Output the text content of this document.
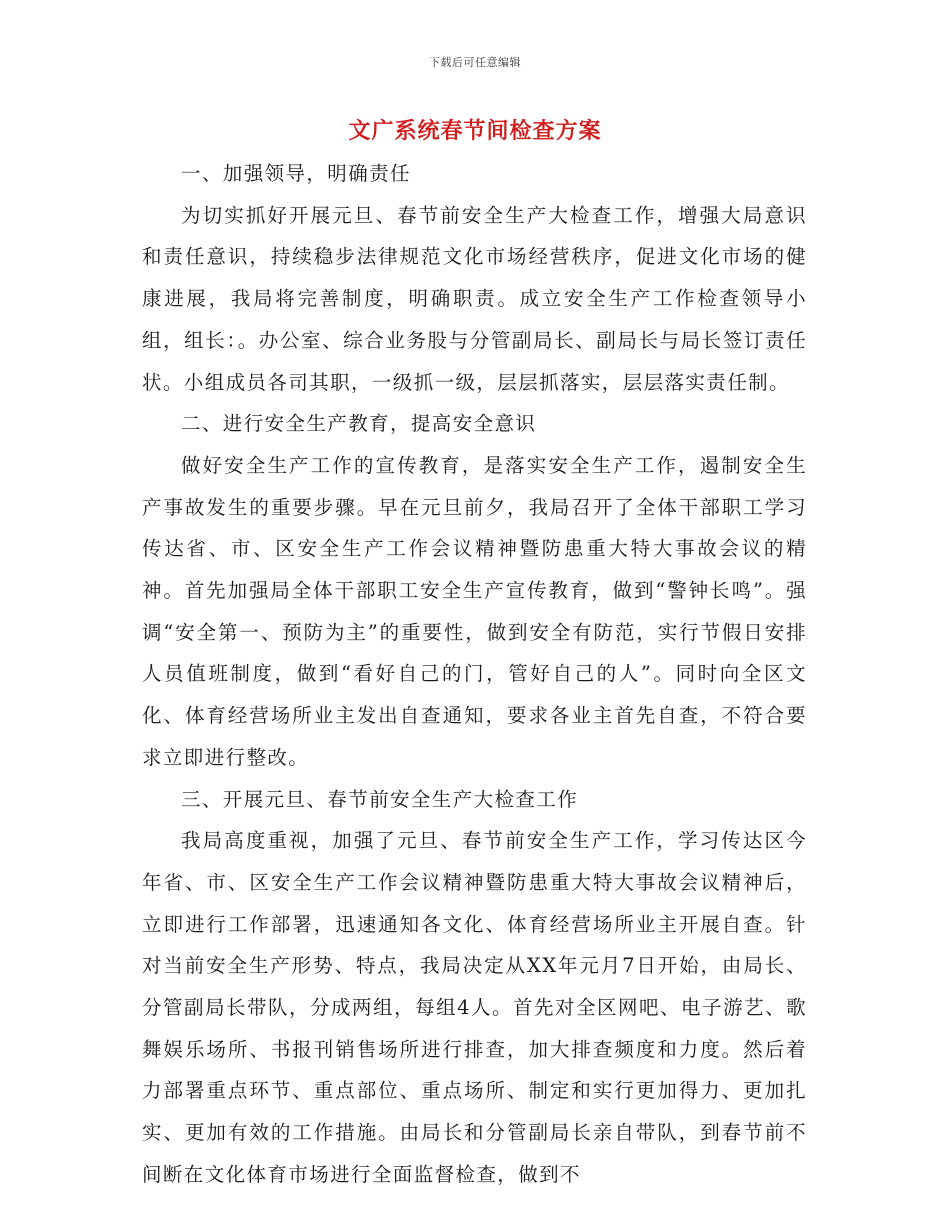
下载后可任意编辑
文广系统春节间检查方案

一、加强领导，明确责任

为切实抓好开展元旦、春节前安全生产大检查工作，增强大局意识和责任意识，持续稳步法律规范文化市场经营秩序，促进文化市场的健康进展，我局将完善制度，明确职责。成立安全生产工作检查领导小组，组长：。办公室、综合业务股与分管副局长、副局长与局长签订责任状。小组成员各司其职，一级抓一级，层层抓落实，层层落实责任制。

二、进行安全生产教育，提高安全意识

做好安全生产工作的宣传教育，是落实安全生产工作，遏制安全生产事故发生的重要步骤。早在元旦前夕，我局召开了全体干部职工学习传达省、市、区安全生产工作会议精神暨防患重大特大事故会议的精神。首先加强局全体干部职工安全生产宣传教育，做到“警钟长鸣”。强调“安全第一、预防为主”的重要性，做到安全有防范，实行节假日安排人员值班制度，做到“看好自己的门，管好自己的人”。同时向全区文化、体育经营场所业主发出自查通知，要求各业主首先自查，不符合要求立即进行整改。

三、开展元旦、春节前安全生产大检查工作

我局高度重视，加强了元旦、春节前安全生产工作，学习传达区今年省、市、区安全生产工作会议精神暨防患重大特大事故会议精神后，立即进行工作部署，迅速通知各文化、体育经营场所业主开展自查。针对当前安全生产形势、特点，我局决定从XX年元月7日开始，由局长、分管副局长带队，分成两组，每组4人。首先对全区网吧、电子游艺、歌舞娱乐场所、书报刊销售场所进行排查，加大排查频度和力度。然后着力部署重点环节、重点部位、重点场所、制定和实行更加得力、更加扎实、更加有效的工作措施。由局长和分管副局长亲自带队，到春节前不间断在文化体育市场进行全面监督检查，做到不
